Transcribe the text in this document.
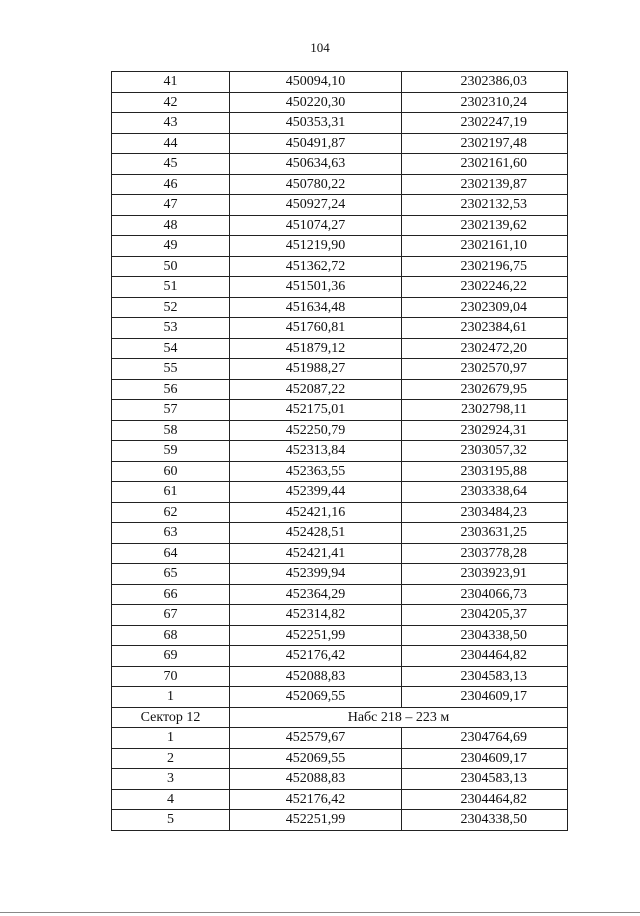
104
41	450094,10	2302386,03
42	450220,30	2302310,24
43	450353,31	2302247,19
44	450491,87	2302197,48
45	450634,63	2302161,60
46	450780,22	2302139,87
47	450927,24	2302132,53
48	451074,27	2302139,62
49	451219,90	2302161,10
50	451362,72	2302196,75
51	451501,36	2302246,22
52	451634,48	2302309,04
53	451760,81	2302384,61
54	451879,12	2302472,20
55	451988,27	2302570,97
56	452087,22	2302679,95
57	452175,01	2302798,11
58	452250,79	2302924,31
59	452313,84	2303057,32
60	452363,55	2303195,88
61	452399,44	2303338,64
62	452421,16	2303484,23
63	452428,51	2303631,25
64	452421,41	2303778,28
65	452399,94	2303923,91
66	452364,29	2304066,73
67	452314,82	2304205,37
68	452251,99	2304338,50
69	452176,42	2304464,82
70	452088,83	2304583,13
1	452069,55	2304609,17
Сектор 12	Набс 218 – 223 м	
1	452579,67	2304764,69
2	452069,55	2304609,17
3	452088,83	2304583,13
4	452176,42	2304464,82
5	452251,99	2304338,50
